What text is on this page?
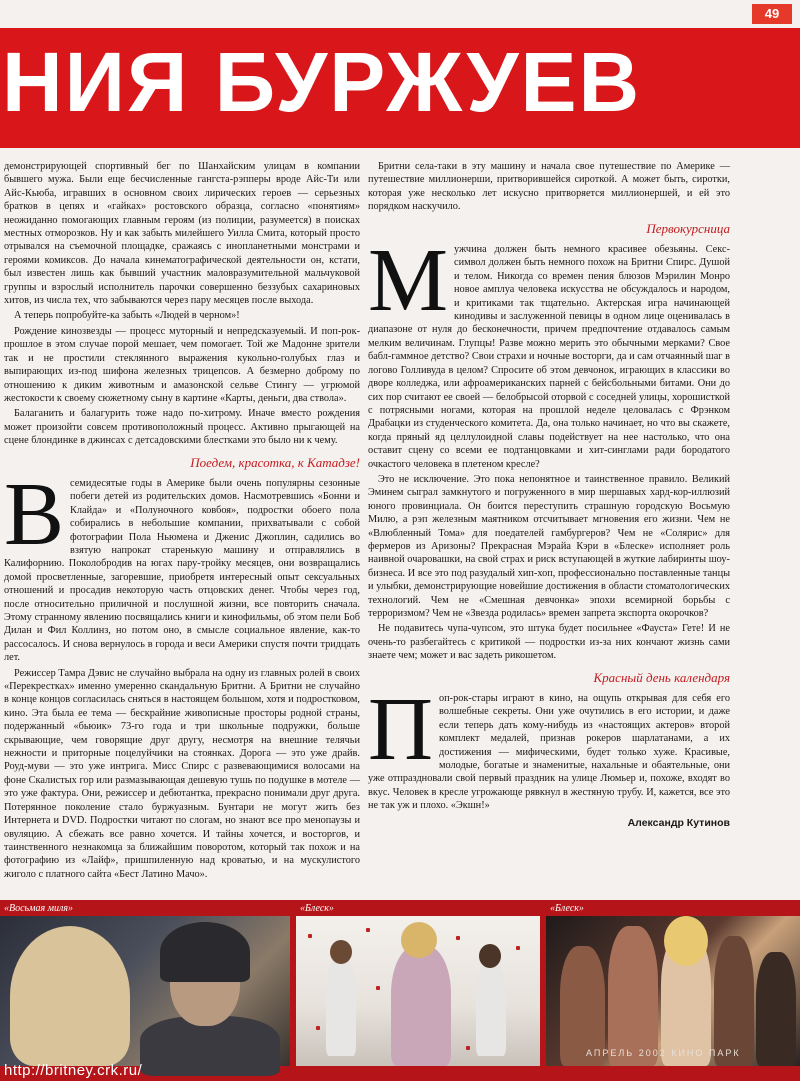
НИЯ БУРЖУЕВ
49

демонстрирующей спортивный бег по Шанхайским улицам в компании бывшего мужа. Были еще бесчисленные гангста-рэпперы вроде Айс-Ти или Айс-Кьюба, игравших в основном своих лирических героев — серьезных братков в цепях и «гайках» ростовского образца, согласно «понятиям» неожиданно помогающих главным героям (из полиции, разумеется) в поисках местных отморозков. Ну и как забыть милейшего Уилла Смита, который просто отрывался на съемочной площадке, сражаясь с инопланетными монстрами и героями комиксов. До начала кинематографической деятельности он, кстати, был известен лишь как бывший участник маловразумительной мальчуковой группы и взрослый исполнитель парочки совершенно беззубых сахариновых хитов, из числа тех, что забываются через пару месяцев после выхода.

А теперь попробуйте-ка забыть «Людей в черном»!

Рождение кинозвезды — процесс муторный и непредсказуемый. И поп-рок-прошлое в этом случае порой мешает, чем помогает. Той же Мадонне зрители так и не простили стеклянного выражения кукольно-голубых глаз и выпирающих из-под шифона железных трицепсов. А безмерно доброму по отношению к диким животным и амазонской сельве Стингу — угрюмой жестокости к своему сюжетному сыну в картине «Карты, деньги, два ствола».

Балаганить и балагурить тоже надо по-хитрому. Иначе вместо рождения может произойти совсем противоположный процесс. Активно прыгающей на сцене блондинке в джинсах с детсадовскими блестками это было ни к чему.

Поедем, красотка, к Катадзе!

Всемидесятые годы в Америке были очень популярны сезонные побеги детей из родительских домов. Насмотревшись «Бонни и Клайда» и «Полуночного ковбоя», подростки обоего пола собирались в небольшие компании, прихватывали с собой фотографии Пола Ньюмена и Дженис Джоплин, садились во взятую напрокат старенькую машину и отправлялись в Калифорнию. Поколобродив на югах пару-тройку месяцев, они возвращались домой просветленные, загоревшие, приобретя интересный опыт сексуальных отношений и просадив некоторую часть отцовских денег. Чтобы через год, после относительно приличной и послушной жизни, все повторить сначала. Этому странному явлению посвящались книги и кинофильмы, об этом пели Боб Дилан и Фил Коллинз, но потом оно, в смысле социальное явление, как-то рассосалось. И снова вернулось в города и веси Америки спустя почти тридцать лет.

Режиссер Тамра Дэвис не случайно выбрала на одну из главных ролей в своих «Перекрестках» именно умеренно скандальную Бритни. А Бритни не случайно в конце концов согласилась сняться в настоящем большом, хотя и подростковом, кино. Эта была ее тема — бескрайние живописные просторы родной страны, подержанный «бьюик» 73-го года и три школьные подружки, больше скрывающие, чем говорящие друг другу, несмотря на внешние телячьи нежности и приторные поцелуйчики на стоянках. Дорога — это уже драйв. Роуд-муви — это уже интрига. Мисс Спирс с развевающимися волосами на фоне Скалистых гор или размазывающая дешевую тушь по подушке в мотеле — это уже фактура. Они, режиссер и дебютантка, прекрасно понимали друг друга. Потерянное поколение стало буржуазным. Бунтари не могут жить без Интернета и DVD. Подростки читают по слогам, но знают все про менопаузы и овуляцию. А сбежать все равно хочется. И тайны хочется, и восторгов, и таинственного незнакомца за ближайшим поворотом, который так похож и на фотографию из «Лайф», пришпиленную над кроватью, и на мускулистого жиголо с платного сайта «Бест Латино Мачо».

Бритни села-таки в эту машину и начала свое путешествие по Америке — путешествие миллионерши, притворившейся сироткой. А может быть, сиротки, которая уже несколько лет искусно притворяется миллионершей, и ей это порядком наскучило.

Первокурсница

Мужчина должен быть немного красивее обезьяны. Секс-символ должен быть немного похож на Бритни Спирс. Душой и телом. Никогда со времен пения блюзов Мэрилин Монро новое амплуа человека искусства не обсуждалось и народом, и критиками так тщательно. Актерская игра начинающей кинодивы и заслуженной певицы в одном лице оценивалась в диапазоне от нуля до бесконечности, причем предпочтение отдавалось самым мелким величинам. Глупцы! Разве можно мерить это обычными мерками? Свое бабл-гаммное детство? Свои страхи и ночные восторги, да и сам отчаянный шаг в логово Голливуда в целом? Спросите об этом девчонок, играющих в классики во дворе колледжа, или афроамериканских парней с бейсбольными битами. Они до сих пор считают ее своей — белобрысой оторвой с соседней улицы, хорошисткой с потрясными ногами, которая на прошлой неделе целовалась с Фрэнком Драбацки из студенческого комитета. Да, она только начинает, но что вы скажете, когда пряный яд целлулоидной славы подействует на нее настолько, что она оставит сцену со всеми ее подтанцовками и хит-синглами ради бородатого очкастого человека в плетеном кресле?

Это не исключение. Это пока непонятное и таинственное правило. Великий Эминем сыграл замкнутого и погруженного в мир шершавых хард-кор-иллюзий юного провинциала. Он боится переступить страшную городскую Восьмую Милю, а рэп железным маятником отсчитывает мгновения его жизни. Чем не «Влюбленный Тома» для поедателей гамбургеров? Чем не «Солярис» для фермеров из Аризоны? Прекрасная Мэрайа Кэри в «Блеске» исполняет роль наивной очаровашки, на свой страх и риск вступающей в жуткие лабиринты шоу-бизнеса. И все это под разудалый хип-хоп, профессионально поставленные танцы и улыбки, демонстрирующие новейшие достижения в области стоматологических технологий. Чем не «Смешная девчонка» эпохи всемирной борьбы с терроризмом? Чем не «Звезда родилась» времен запрета экспорта окорочков?

Не подавитесь чупа-чупсом, это штука будет посильнее «Фауста» Гете! И не очень-то разбегайтесь с критикой — подростки из-за них кончают жизнь сами знаете чем; может и вас задеть рикошетом.

Красный день календаря

Поп-рок-стары играют в кино, на ощупь открывая для себя его волшебные секреты. Они уже очутились в его истории, и даже если теперь дать кому-нибудь из «настоящих актеров» второй комплект медалей, признав рокеров шарлатанами, а их достижения — мифическими, будет только хуже. Красивые, молодые, богатые и знаменитые, нахальные и обаятельные, они уже отпраздновали свой первый праздник на улице Люмьер и, похоже, входят во вкус. Человек в кресле угрожающе рявкнул в жестяную трубу. И, кажется, все это не так уж и плохо. «Экшн!»

Александр Кутинов
«Восьмая миля»	«Блеск»	«Блеск»
АПРЕЛЬ 2002 КИНО ПАРК
http://britney.crk.ru/
